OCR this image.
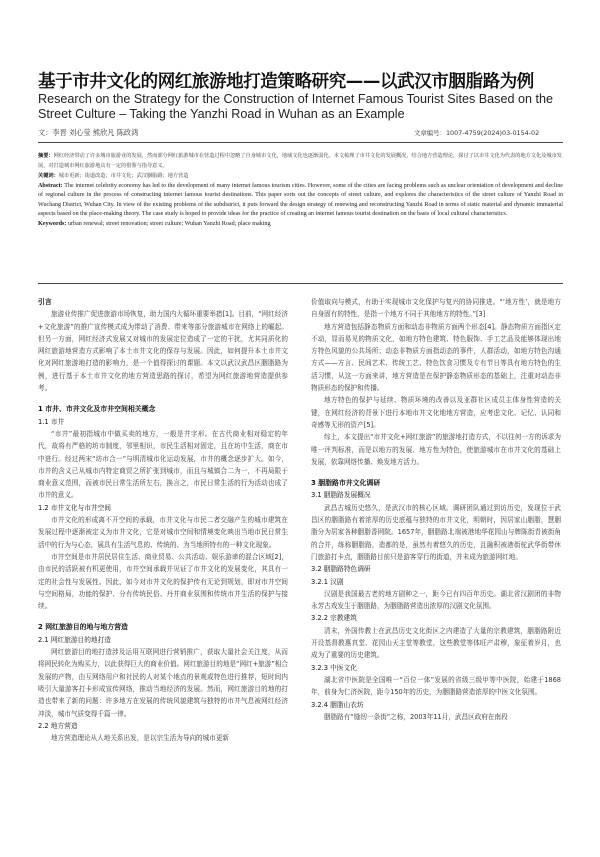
基于市井文化的网红旅游地打造策略研究——以武汉市胭脂路为例
Research on the Strategy for the Construction of Internet Famous Tourist Sites Based on the Street Culture – Taking the Yanzhi Road in Wuhan as an Example
文：李晋 刘心莹 熊欣凡 陈政鸿	文章编号：1007-4759(2024)03-0154-02
摘要：网红经济带动了许多城市旅游业的发展，然而部分网红旅游城市在营造过程中忽略了自身城市文化，地域文化也逐渐弱化。本文梳理了市井文化的发展概况，结合地方营造理论，探讨了以市井文化为代表的地方文化及城市发展，对打造城市网红旅游地具有一定的借鉴与指导意义。
关键词：城市更新；街道改造；市井文化；武汉胭脂路；地方营造
Abstract: The internet celebrity economy has led to the development of many internet famous tourism cities. However, some of the cities are facing problems such as unclear orientation of development and decline of regional culture in the process of constructing internet famous tourist destinations. This paper sorts out the concepts of street culture, and explores the characteristics of the street culture of Yanzhi Road in Wuchang District, Wuhan City. In view of the existing problems of the subdistrict, it puts forward the design strategy of renewing and reconstructing Yanzhi Road in terms of static material and dynamic immaterial aspects based on the place-making theory. The case study is hoped to provide ideas for the practice of creating an internet famous tourist destination on the basis of local cultural characteristics.
Keywords: urban renewal; street renovation; street culture; Wuhan Yanzhi Road; place making
引言

旅游业传推广促进旅游市场恢复，助力国内大循环重要举措[1]。目前，“网红经济+文化旅游”的推广宣传模式成为带动了消费、带来等部分旅游城市在网络上的崛起。但另一方面，网红经济式发展又对城市的发展定位造成了一定的干扰，尤其同质化的网红旅游地营造方式影响了本土市井文化的保存与发展。因此，如何提升本土市井文化对网红旅游地打造的影响力，是一个值得探讨的课题。本文以武汉武昌区胭脂路为例，进行基于本土市井文化的地方营造思路的探讨，希望为网红旅游地营造提供参考。

1 市井、市井文化及市井空间相关概念
1.1 市井

“市井”最初指城市中做买卖的地方，一般是井字形。在古代商业相对稳定的年代，故将有严格的坊市制度，邻里相识，市民生活相对固定，且在坊中生活，商在市中进行。经过两宋“坊市合一”与明清城市化运动发展，市井的概念逐步扩大。如今，市井的含义已从城市内特定商贸之所扩张到城市，而且与城镇合二为一，不再局限于商业意义范围，而被市民日常生活所左右，换言之，市民日常生活的行为活动也成了市井的意义。

1.2 市井文化与市井空间

市井文化的形成离不开空间的承载，市井文化与市民二者交融产生的城市建筑在发展过程中逐渐被定义为市井文化，它是对城市空间和情境变化映出当地市民日常生活中的行为与心态，展具有生活气息的、传统的、为当地所特有的一种文化现象。

市井空间是市井居民居住生活、商业贸易、公共活动、娱乐游谛的混合区域[2]，由市民的活跃被有机更使用，市井空间承载并见证了市井文化的发展变化，其具有一定的社会性与发展性。因此，如今对市井文化的保护传有无论到规划，即对市井空间与空间格局，功能的保护、分有传统民俗、丹井商业氛围和传统市井生活的保护与接续。

2 网红旅游目的地与地方营造
2.1 网红旅游目的地打造

网红旅游目的地打造涉及运用互联网进行营销推广，获取大量社会关注度，从而将网民转化为购买力，以此获得巨大的商业价值。网红旅游目的地是“网红+旅游”相合发展的产物，由互网络用户和社民的人对某个地点的景观或特色进行推荐，短时间内吸引大量游客打卡形成宣传网络，推动当地经济的发展。然而，网红旅游目的地的打造也带来了新的问题：许多地方在发展的传统风貌建筑与独特的市井气息被网红经济冲淡，城市气质变得千篇一律。

2.2 地方营造

地方营造理论从人地关系出发，是以宗生活为导向的城市更新

价值取向与模式，有助于实现城市文化保护与复兴的协同推进。“‘地方性’，就是地方自身固有的特性，是指一个地方不同于其他地方的特性。”[3]

地方营造包括静态物质方面和动态非物质方面两个形态[4]。静态物质方面指区定不动，显而易见的物质文化，如地方特色建筑、特色服饰、手工艺品及能够体现出地方特色风貌的公共场所；动态非物质方面指动态的事件，人群活动，如地方特色沟通方式——方言、民间艺术、传统工艺、特色饮食习惯及专有节日等具有地方特色的生活习惯，从这一方面来讲，地方营造是在保护静态物质形态的基础上，注重对动态非物质形态的保护和传播。

地方特色的保护与延续、物质环境的改善以及亚群社区成员主体身性营造的关键，在网红经济的背景下进行本地市井文化地地方营造，应考虑文化、记忆、认同和奇感等无形的资产[5]。

综上，本文提出“市井文化+网红旅游”的旅游地打造方式，不以往何一方的诉求为唯一评判标准，而是以地方的发展、地方性为特色，使旅游城市在市井文化的基础上发展，依靠网络传播、焕发地方活力。

3 胭脂路市井文化调研
3.1 胭脂路发展概况

武昌古城历史悠久，是武汉市的核心区域。调研团队通过到访历史，发现位于武昌区的胭脂路有着浓厚的历史底蕴与独特的市井文化，明朝时，因居家山胭脂，慧胭脂分为居家各种胭脂香网院。1657年，胭脂路北端被港地华花园山与牌陈街青被街角的合并，练称胭脂路，造都的是，虽然有着悠久的历史，且融积被港街驼武华街带休门旅游打卡点，胭脂路目前只是游客穿行的街道，并未成为旅游网红地。

3.2 胭脂路特色调研
3.2.1 汉剧

汉剧是我国最古老的地方剧种之一，距今已有四百年历史。湖北省汉剧团的非物永芳古戏发生于胭脂路，为胭脂路营造出浓厚的汉剧文化氛围。

3.2.2 宗教建筑

清末，外国传教士在武昌历史文化街区之内建造了大量的宗教建筑，胭脂路附近开设基督教惠真堂、花园山天主堂等教堂，这些教堂等体旺产肃穆，象征着岁月，也成为了重要的历史建筑。

3.2.3 中医文化

湖北省中医院是全国唯一“百位一体”发展的省级三级甲等中医院，始建于1868年，前身为仁济医院，距今150年的历史，为胭脂路营造浓厚的中医文化氛围。

3.2.4 胭脂山衣坊

胭脂路有“缝纫一条街”之称，2003年11月，武昌区政府在南段
